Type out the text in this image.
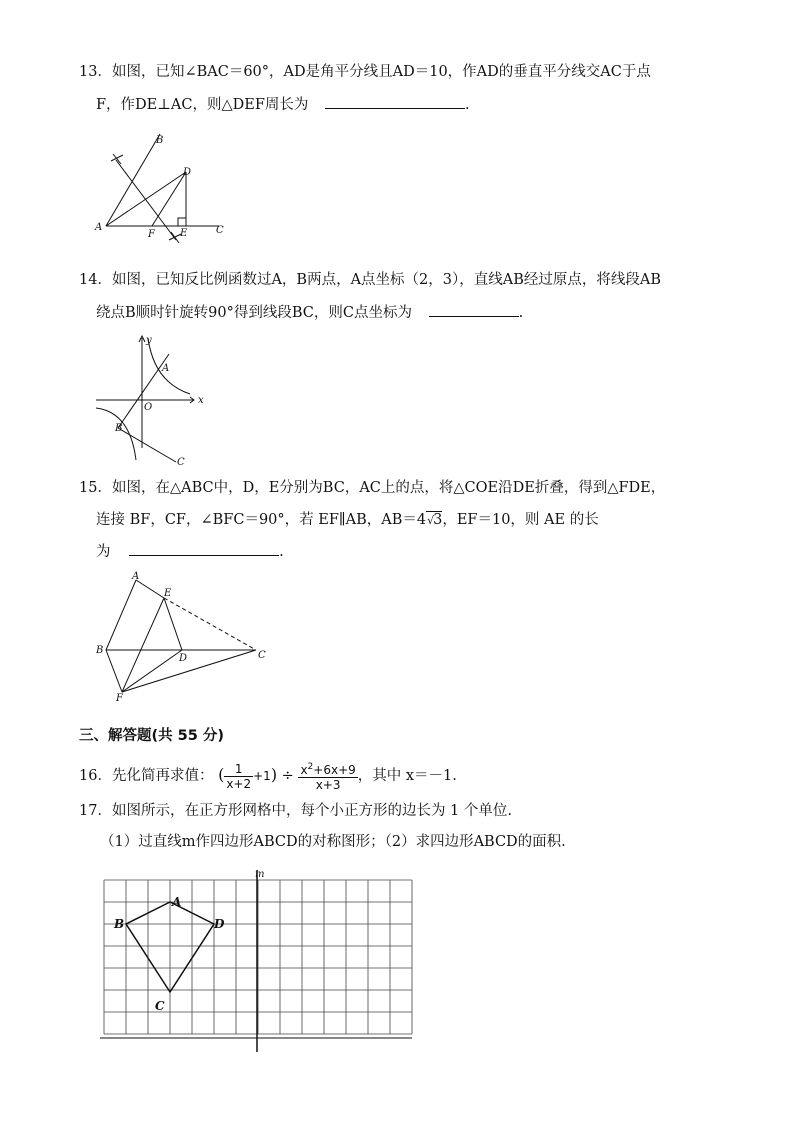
13．如图，已知∠BAC＝60°，AD是角平分线且AD＝10，作AD的垂直平分线交AC于点
F，作DE⊥AC，则△DEF周长为	.
A
B
C
D
E
F
14．如图，已知反比例函数过A，B两点，A点坐标（2，3），直线AB经过原点，将线段AB
绕点B顺时针旋转90°得到线段BC，则C点坐标为	.
y
x
O
A
B
C
15．如图，在△ABC中，D，E分别为BC，AC上的点，将△COE沿DE折叠，得到△FDE，
连接 BF，CF，∠BFC＝90°，若 EF∥AB，AB＝4√3，EF＝10，则 AE 的长
为	.
A
B	C
D
E
F
三、解答题(共 55 分)
16．先化简再求值： ( $\frac{1}{x+2} +1) \div \frac{x^2+6x+9}{x+3}$ ，其中 x＝－1.
17．如图所示，在正方形网格中，每个小正方形的边长为 1 个单位.
（1）过直线m作四边形ABCD的对称图形；（2）求四边形ABCD的面积.
m
A
B
C
D
